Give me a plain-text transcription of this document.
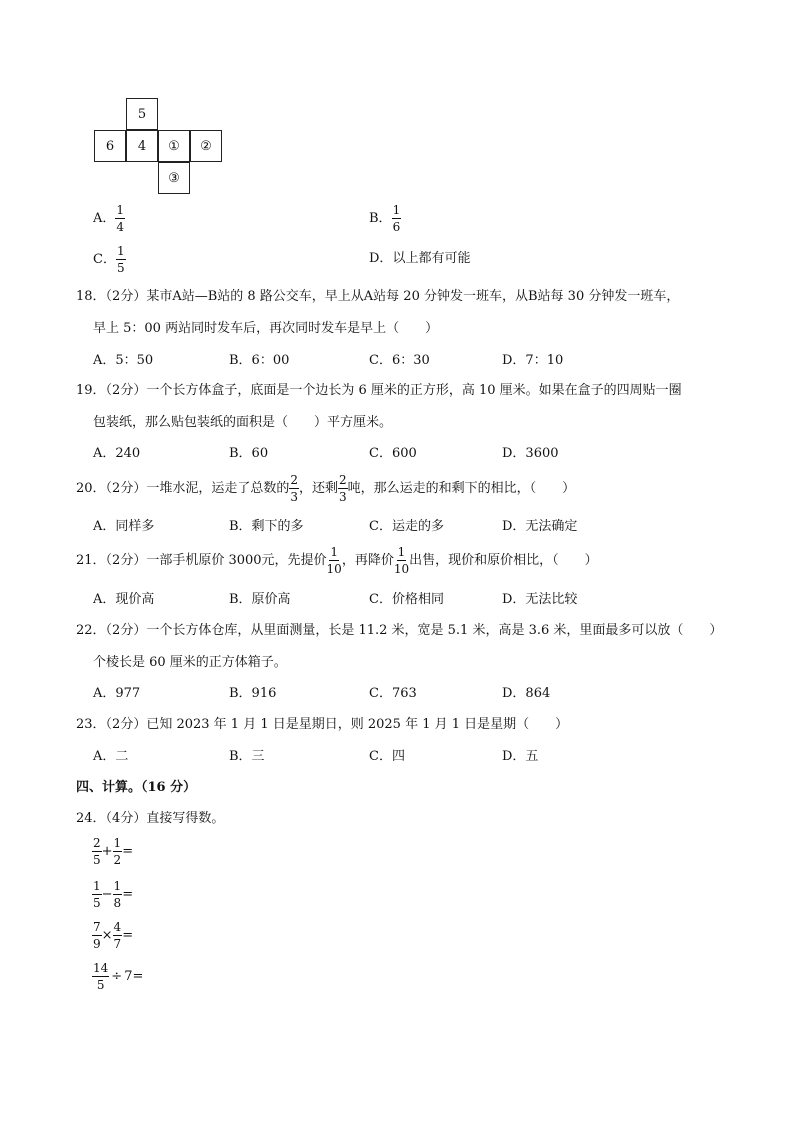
5
6	4	①	②
③
A． $\frac{1}{4}$	B． $\frac{1}{6}$
C． $\frac{1}{5}$	D．以上都有可能
18．（2分）某市A站—B站的 8 路公交车，早上从A站每 20 分钟发一班车，从B站每 30 分钟发一班车，
早上 5：00 两站同时发车后，再次同时发车是早上（　　）
A．5：50	B．6：00	C．6：30	D．7：10
19．（2分）一个长方体盒子，底面是一个边长为 6 厘米的正方形，高 10 厘米。如果在盒子的四周贴一圈
包装纸，那么贴包装纸的面积是（　　）平方厘米。
A．240	B．60	C．600	D．3600
20．（2分）一堆水泥，运走了总数的 $\frac{2}{3}$ ，还剩 $\frac{2}{3}$ 吨，那么运走的和剩下的相比，（　　）
A．同样多	B．剩下的多	C．运走的多	D．无法确定
21．（2分）一部手机原价 3000元，先提价 $\frac{1}{10}$ ，再降价 $\frac{1}{10}$ 出售，现价和原价相比，（　　）
A．现价高	B．原价高	C．价格相同	D．无法比较
22．（2分）一个长方体仓库，从里面测量，长是 11.2 米，宽是 5.1 米，高是 3.6 米，里面最多可以放（　　）
个棱长是 60 厘米的正方体箱子。
A．977	B．916	C．763	D．864
23．（2分）已知 2023 年 1 月 1 日是星期日，则 2025 年 1 月 1 日是星期（　　）
A．二	B．三	C．四	D．五
四、计算。（16 分）
24．（4分）直接写得数。
$\frac{2}{5} + \frac{1}{2}$ =
$\frac{1}{5} - \frac{1}{8}$ =
$\frac{7}{9} \times \frac{4}{7}$ =
$\frac{14}{5} \div 7=$
